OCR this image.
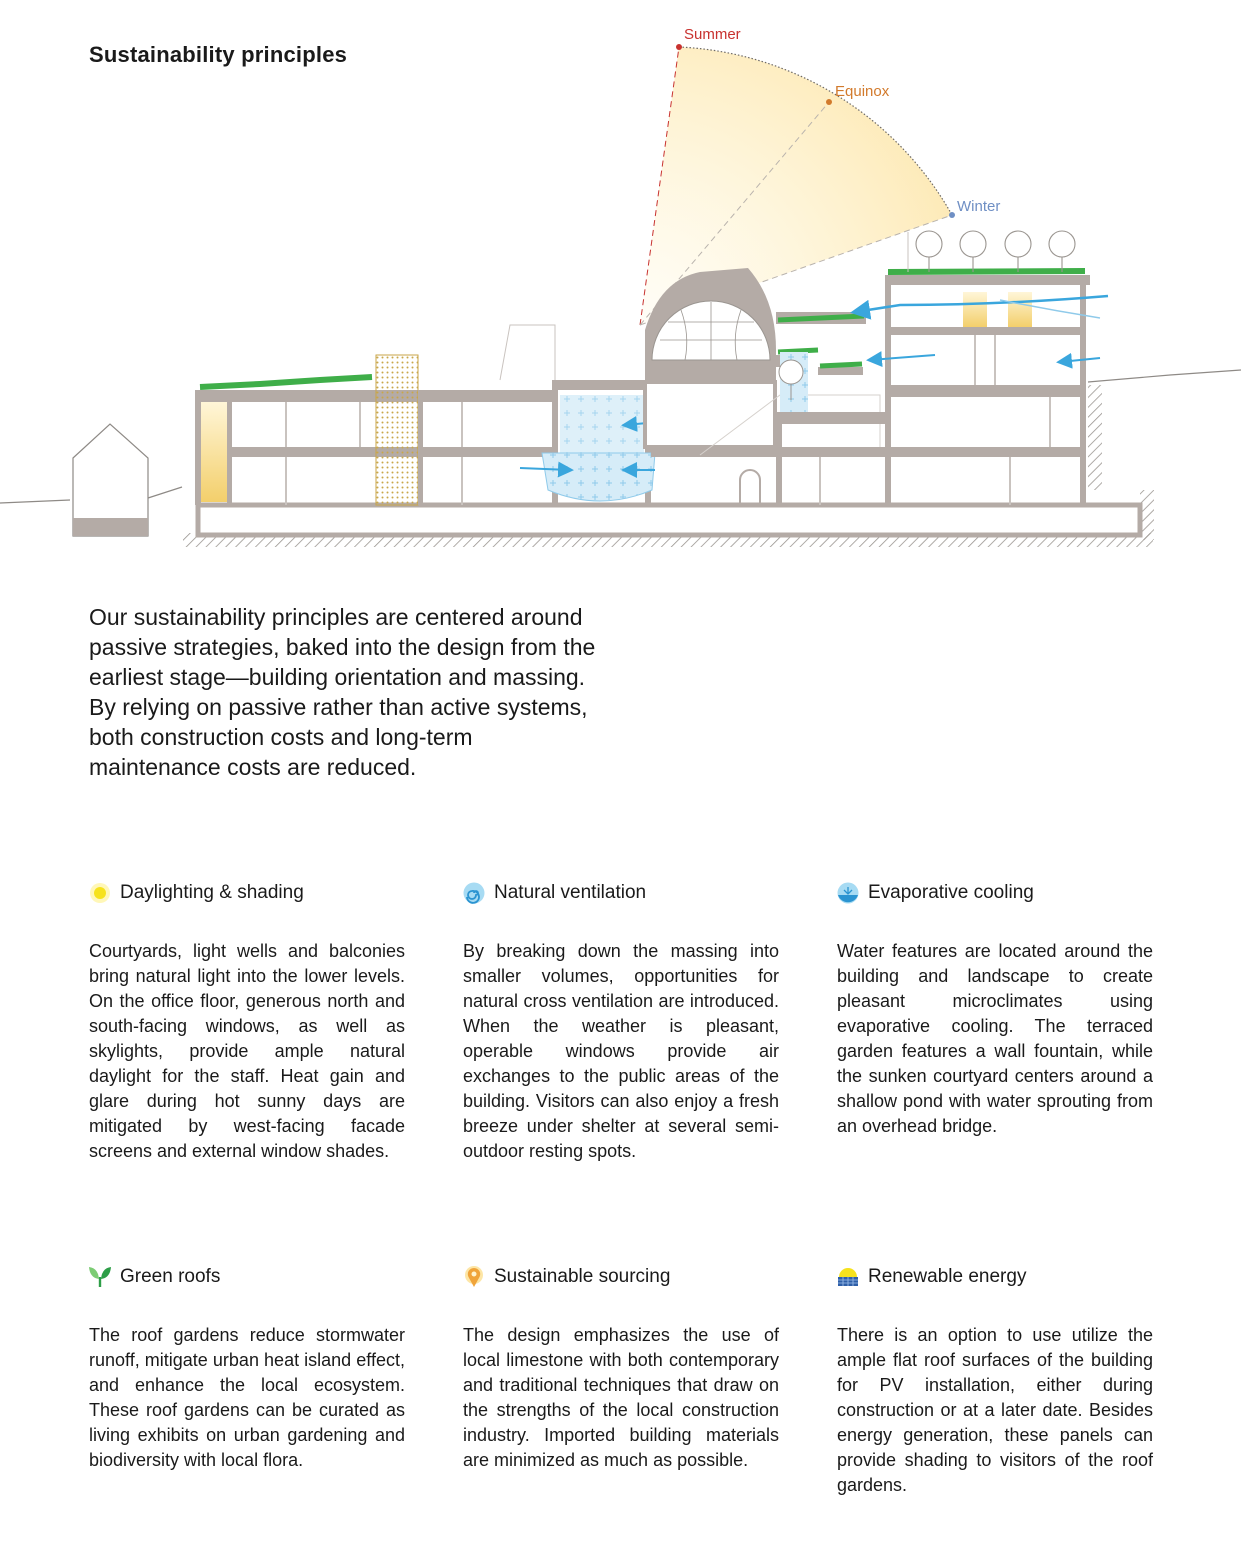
Sustainability principles
Summer
Equinox
Winter
Our sustainability principles are centered around passive strategies, baked into the design from the earliest stage—building orientation and massing. By relying on passive rather than active systems, both construction costs and long-term maintenance costs are reduced.
Daylighting & shading
Courtyards, light wells and balconies bring natural light into the lower levels. On the office floor, generous north and south-facing windows, as well as skylights, provide ample natural daylight for the staff. Heat gain and glare during hot sunny days are mitigated by west-facing facade screens and external window shades.
Natural ventilation
By breaking down the massing into smaller volumes, opportunities for natural cross ventilation are introduced. When the weather is pleasant, operable windows provide air exchanges to the public areas of the building. Visitors can also enjoy a fresh breeze under shelter at several semi-outdoor resting spots.
Evaporative cooling
Water features are located around the building and landscape to create pleasant microclimates using evaporative cooling. The terraced garden features a wall fountain, while the sunken courtyard centers around a shallow pond with water sprouting from an overhead bridge.
Green roofs
The roof gardens reduce stormwater runoff, mitigate urban heat island effect, and enhance the local ecosystem. These roof gardens can be curated as living exhibits on urban gardening and biodiversity with local flora.
Sustainable sourcing
The design emphasizes the use of local limestone with both contemporary and traditional techniques that draw on the strengths of the local construction industry. Imported building materials are minimized as much as possible.
Renewable energy
There is an option to use utilize the ample flat roof surfaces of the building for PV installation, either during construction or at a later date. Besides energy generation, these panels can provide shading to visitors of the roof gardens.
